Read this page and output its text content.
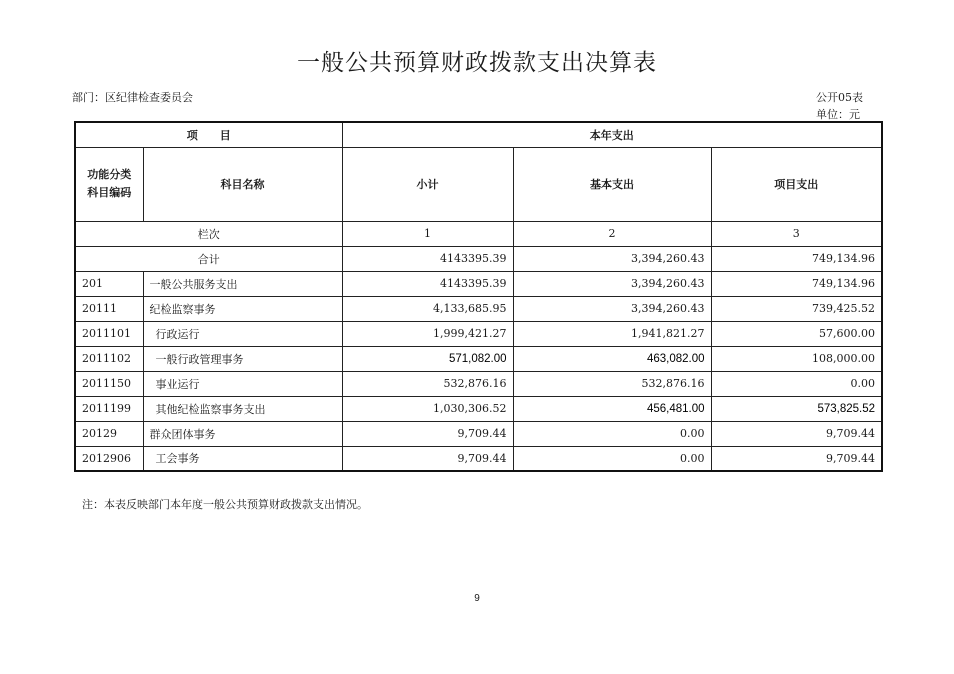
一般公共预算财政拨款支出决算表
部门：区纪律检查委员会	公开05表
单位：元
项　　目		本年支出		
功能分类
科目编码	科目名称	小计	基本支出	项目支出
栏次		1	2	3
合计		4143395.39	3,394,260.43	749,134.96
201	一般公共服务支出	4143395.39	3,394,260.43	749,134.96
20111	纪检监察事务	4,133,685.95	3,394,260.43	739,425.52
2011101	行政运行	1,999,421.27	1,941,821.27	57,600.00
2011102	一般行政管理事务	571,082.00	463,082.00	108,000.00
2011150	事业运行	532,876.16	532,876.16	0.00
2011199	其他纪检监察事务支出	1,030,306.52	456,481.00	573,825.52
20129	群众团体事务	9,709.44	0.00	9,709.44
2012906	工会事务	9,709.44	0.00	9,709.44
注：本表反映部门本年度一般公共预算财政拨款支出情况。
9
